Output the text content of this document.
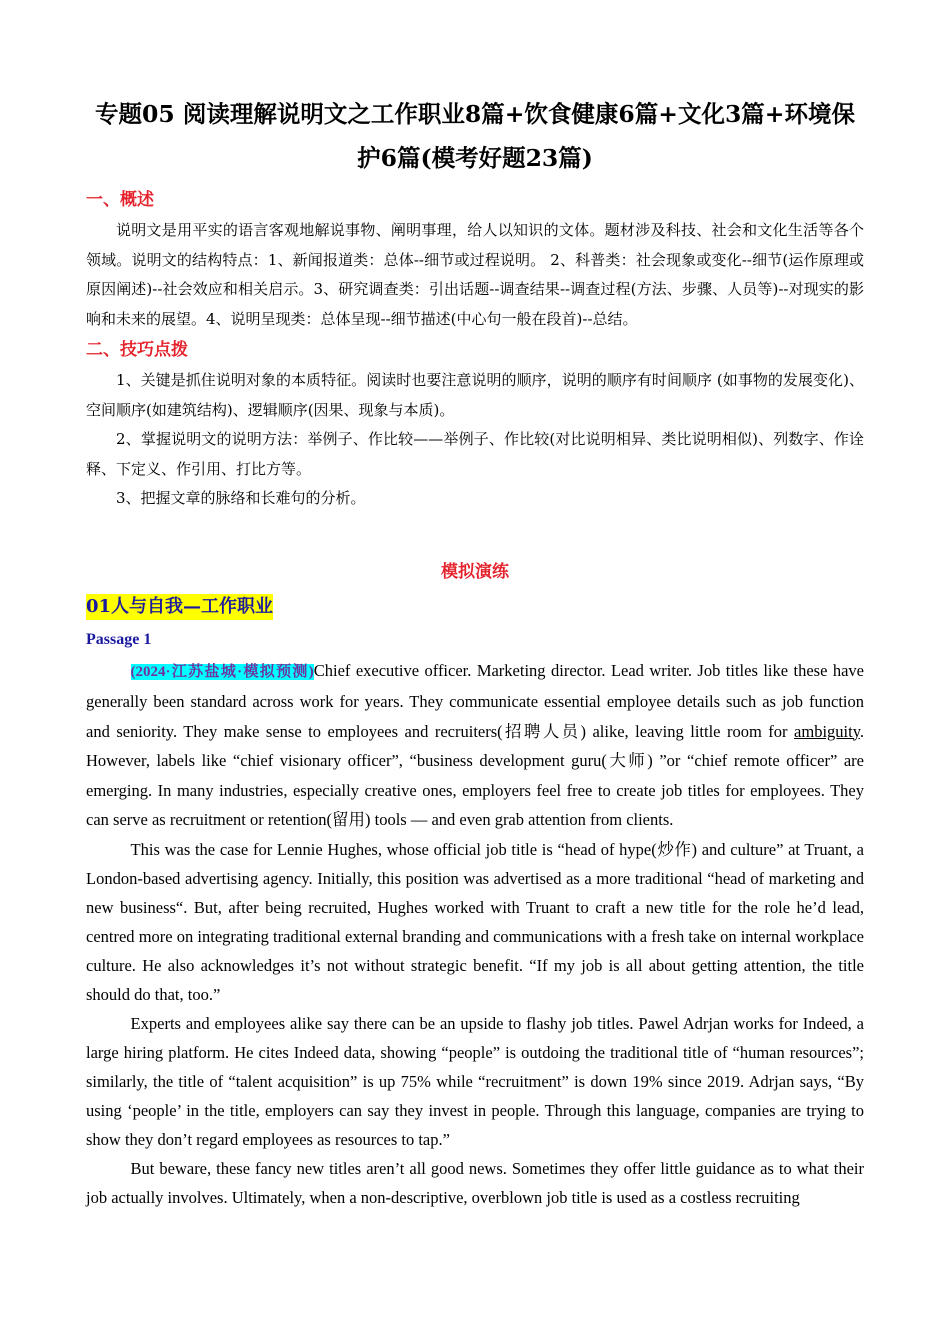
专题05 阅读理解说明文之工作职业8篇+饮食健康6篇+文化3篇+环境保护6篇(模考好题23篇)
一、概述

说明文是用平实的语言客观地解说事物、阐明事理，给人以知识的文体。题材涉及科技、社会和文化生活等各个领域。说明文的结构特点：1、新闻报道类：总体--细节或过程说明。 2、科普类：社会现象或变化--细节(运作原理或原因阐述)--社会效应和相关启示。3、研究调查类：引出话题--调查结果--调查过程(方法、步骤、人员等)--对现实的影响和未来的展望。4、说明呈现类：总体呈现--细节描述(中心句一般在段首)--总结。

二、技巧点拨

1、关键是抓住说明对象的本质特征。阅读时也要注意说明的顺序，说明的顺序有时间顺序 (如事物的发展变化)、空间顺序(如建筑结构)、逻辑顺序(因果、现象与本质)。

2、掌握说明文的说明方法：举例子、作比较——举例子、作比较(对比说明相异、类比说明相似)、列数字、作诠释、下定义、作引用、打比方等。

3、把握文章的脉络和长难句的分析。

模拟演练
01人与自我—工作职业
Passage 1

(2024·江苏盐城·模拟预测)Chief executive officer. Marketing director. Lead writer. Job titles like these have generally been standard across work for years. They communicate essential employee details such as job function and seniority. They make sense to employees and recruiters(招聘人员) alike, leaving little room for ambiguity. However, labels like “chief visionary officer”, “business development guru(大师) ”or “chief remote officer” are emerging. In many industries, especially creative ones, employers feel free to create job titles for employees. They can serve as recruitment or retention(留用) tools — and even grab attention from clients.

This was the case for Lennie Hughes, whose official job title is “head of hype(炒作) and culture” at Truant, a London-based advertising agency. Initially, this position was advertised as a more traditional “head of marketing and new business“. But, after being recruited, Hughes worked with Truant to craft a new title for the role he’d lead, centred more on integrating traditional external branding and communications with a fresh take on internal workplace culture. He also acknowledges it’s not without strategic benefit. “If my job is all about getting attention, the title should do that, too.”

Experts and employees alike say there can be an upside to flashy job titles. Pawel Adrjan works for Indeed, a large hiring platform. He cites Indeed data, showing “people” is outdoing the traditional title of “human resources”; similarly, the title of “talent acquisition” is up 75% while “recruitment” is down 19% since 2019. Adrjan says, “By using ‘people’ in the title, employers can say they invest in people. Through this language, companies are trying to show they don’t regard employees as resources to tap.”

But beware, these fancy new titles aren’t all good news. Sometimes they offer little guidance as to what their job actually involves. Ultimately, when a non-descriptive, overblown job title is used as a costless recruiting
